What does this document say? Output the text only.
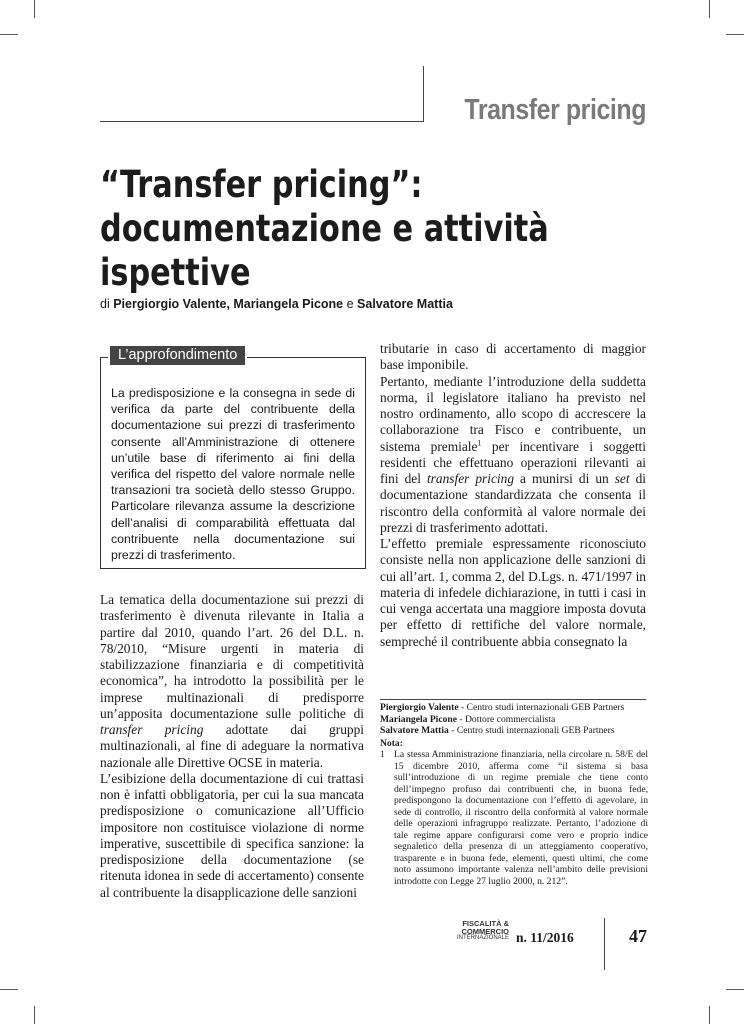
Transfer pricing
“Transfer pricing”:
documentazione e attività
ispettive
di Piergiorgio Valente, Mariangela Picone e Salvatore Mattia
L’approfondimento
La predisposizione e la consegna in sede di verifica da parte del contribuente della documentazione sui prezzi di trasferimento consente all’Amministrazione di ottenere un’utile base di riferimento ai fini della verifica del rispetto del valore normale nelle transazioni tra società dello stesso Gruppo. Particolare rilevanza assume la descrizione dell’analisi di comparabilità effettuata dal contribuente nella documentazione sui prezzi di trasferimento.

La tematica della documentazione sui prezzi di trasferimento è divenuta rilevante in Italia a partire dal 2010, quando l’art. 26 del D.L. n. 78/2010, “Misure urgenti in materia di stabilizzazione finanziaria e di competitività economica”, ha introdotto la possibilità per le imprese multinazionali di predisporre un’apposita documentazione sulle politiche di transfer pricing adottate dai gruppi multinazionali, al fine di adeguare la normativa nazionale alle Direttive OCSE in materia.

L’esibizione della documentazione di cui trattasi non è infatti obbligatoria, per cui la sua mancata predisposizione o comunicazione all’Ufficio impositore non costituisce violazione di norme imperative, suscettibile di specifica sanzione: la predisposizione della documentazione (se ritenuta idonea in sede di accertamento) consente al contribuente la disapplicazione delle sanzioni

tributarie in caso di accertamento di maggior base imponibile.

Pertanto, mediante l’introduzione della suddetta norma, il legislatore italiano ha previsto nel nostro ordinamento, allo scopo di accrescere la collaborazione tra Fisco e contribuente, un sistema premiale$^1$ per incentivare i soggetti residenti che effettuano operazioni rilevanti ai fini del transfer pricing a munirsi di un set di documentazione standardizzata che consenta il riscontro della conformità al valore normale dei prezzi di trasferimento adottati.

L’effetto premiale espressamente riconosciuto consiste nella non applicazione delle sanzioni di cui all’art. 1, comma 2, del D.Lgs. n. 471/1997 in materia di infedele dichiarazione, in tutti i casi in cui venga accertata una maggiore imposta dovuta per effetto di rettifiche del valore normale, sempreché il contribuente abbia consegnato la

Piergiorgio Valente - Centro studi internazionali GEB Partners
Mariangela Picone - Dottore commercialista
Salvatore Mattia - Centro studi internazionali GEB Partners
Nota:
1 La stessa Amministrazione finanziaria, nella circolare n. 58/E del 15 dicembre 2010, afferma come “il sistema si basa sull’introduzione di un regime premiale che tiene conto dell’impegno profuso dai contribuenti che, in buona fede, predispongono la documentazione con l’effetto di agevolare, in sede di controllo, il riscontro della conformità al valore normale delle operazioni infragruppo realizzate. Pertanto, l’adozione di tale regime appare configurarsi come vero e proprio indice segnaletico della presenza di un atteggiamento cooperativo, trasparente e in buona fede, elementi, questi ultimi, che come noto assumono importante valenza nell’ambito delle previsioni introdotte con Legge 27 luglio 2000, n. 212”.
FISCALITÀ &
COMMERCIO
INTERNAZIONALE n. 11/2016	47
